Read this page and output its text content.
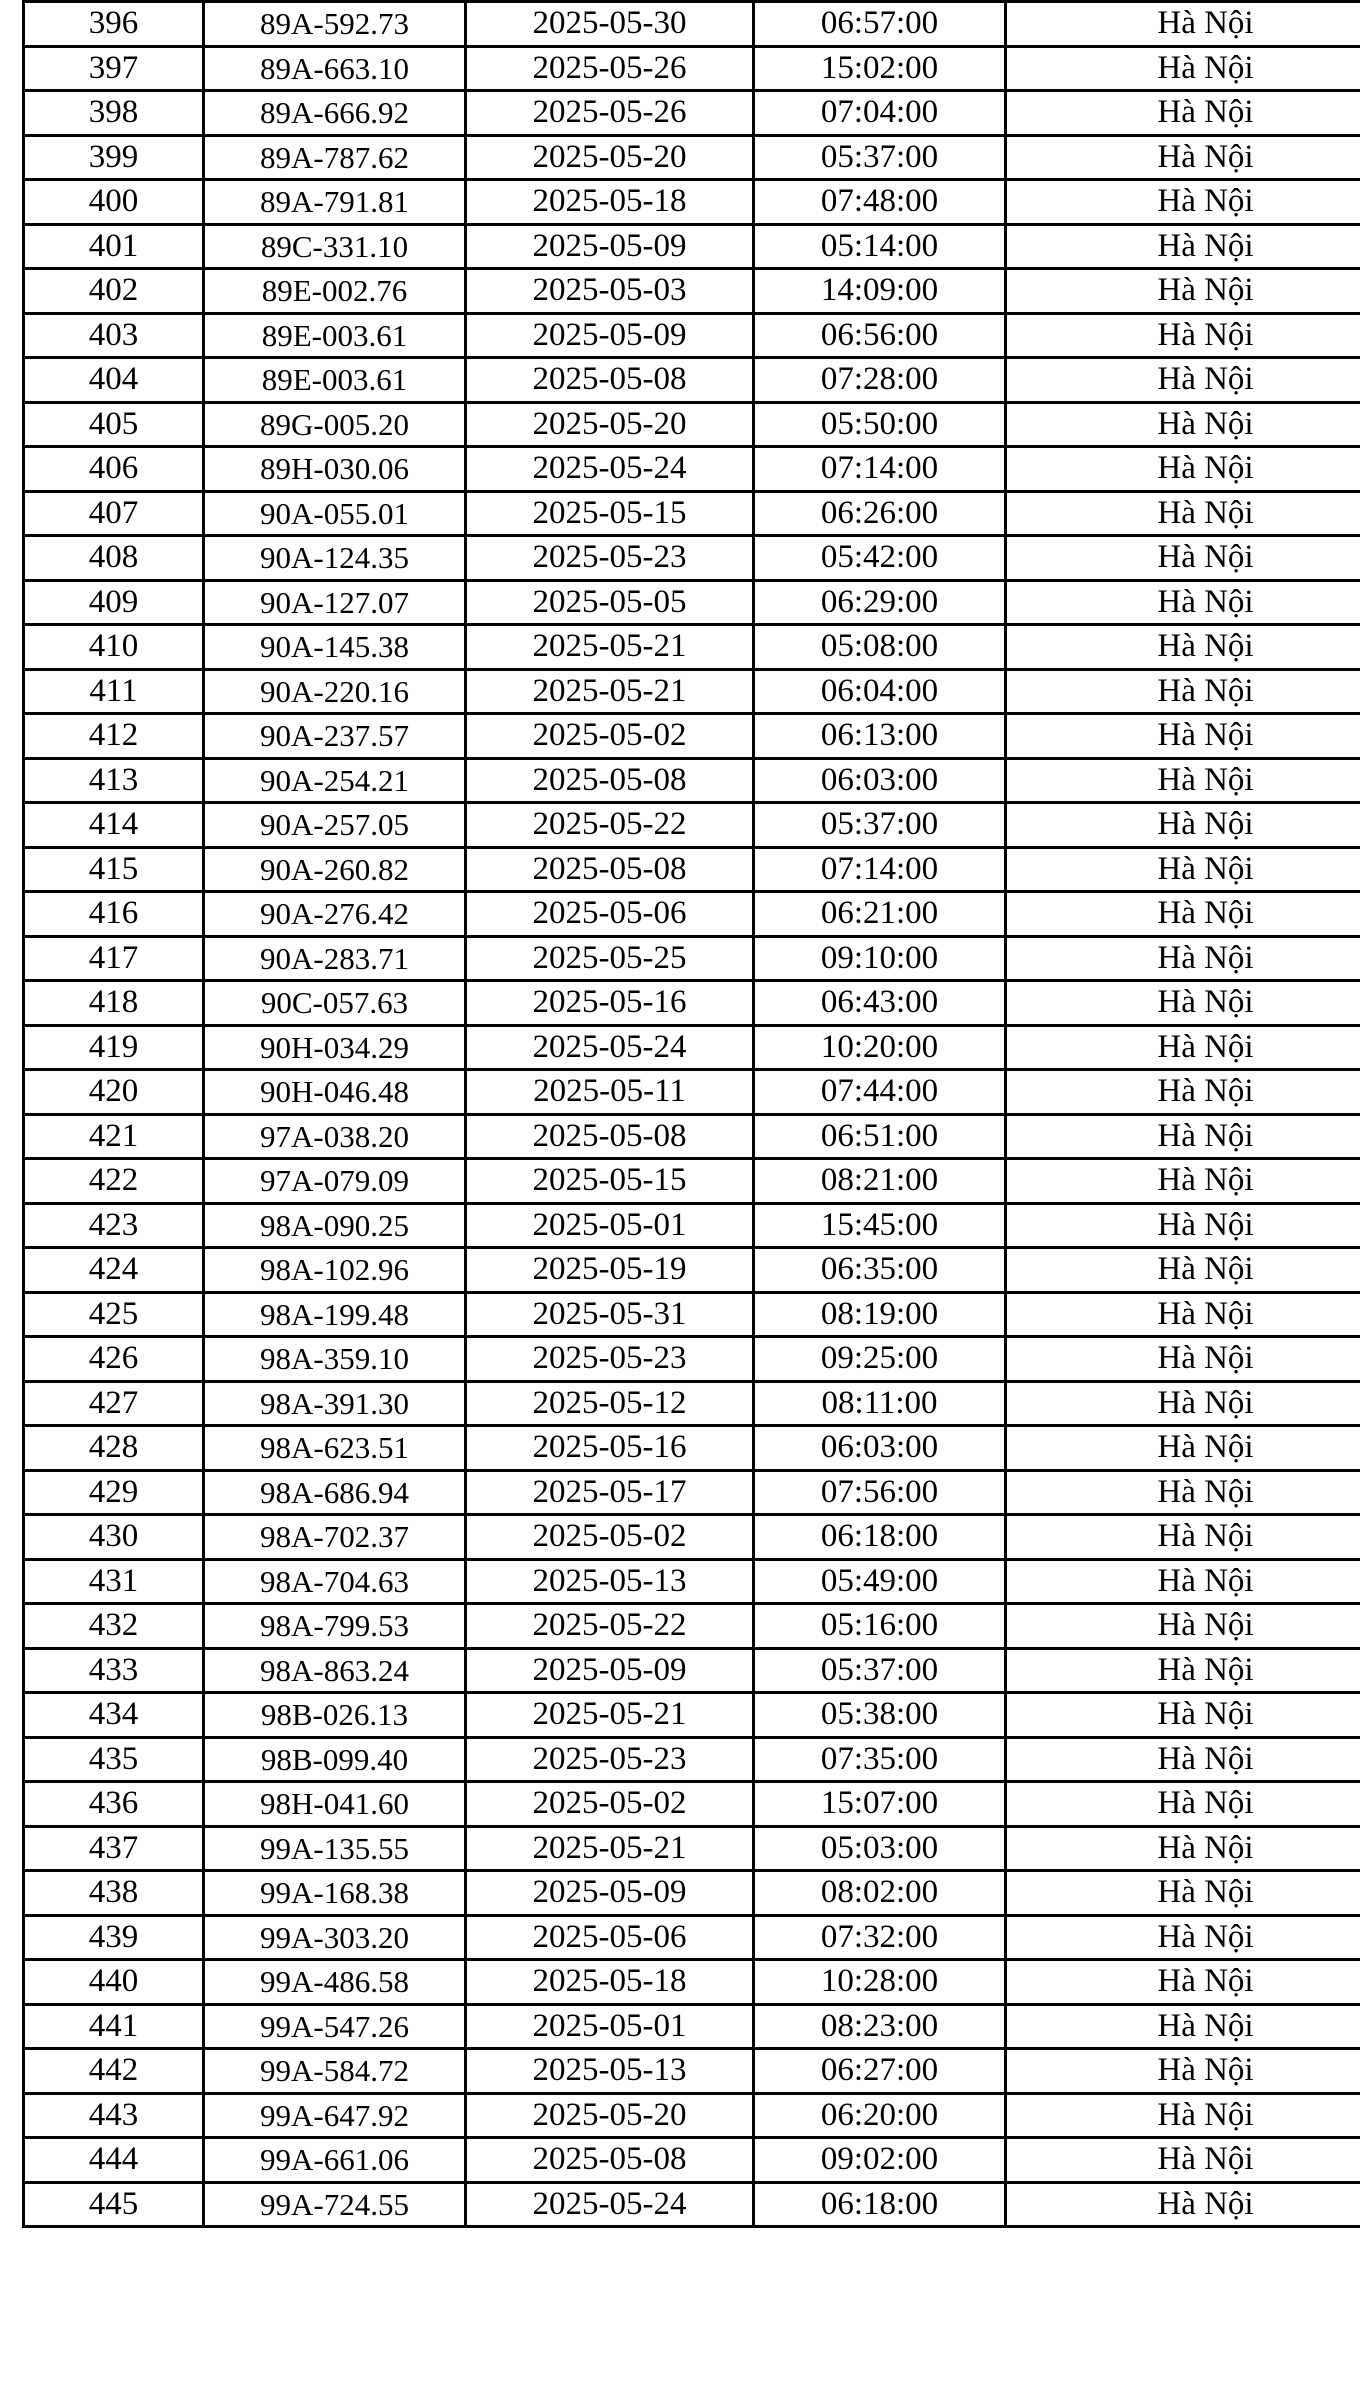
396	89A-592.73	2025-05-30	06:57:00	Hà Nội
397	89A-663.10	2025-05-26	15:02:00	Hà Nội
398	89A-666.92	2025-05-26	07:04:00	Hà Nội
399	89A-787.62	2025-05-20	05:37:00	Hà Nội
400	89A-791.81	2025-05-18	07:48:00	Hà Nội
401	89C-331.10	2025-05-09	05:14:00	Hà Nội
402	89E-002.76	2025-05-03	14:09:00	Hà Nội
403	89E-003.61	2025-05-09	06:56:00	Hà Nội
404	89E-003.61	2025-05-08	07:28:00	Hà Nội
405	89G-005.20	2025-05-20	05:50:00	Hà Nội
406	89H-030.06	2025-05-24	07:14:00	Hà Nội
407	90A-055.01	2025-05-15	06:26:00	Hà Nội
408	90A-124.35	2025-05-23	05:42:00	Hà Nội
409	90A-127.07	2025-05-05	06:29:00	Hà Nội
410	90A-145.38	2025-05-21	05:08:00	Hà Nội
411	90A-220.16	2025-05-21	06:04:00	Hà Nội
412	90A-237.57	2025-05-02	06:13:00	Hà Nội
413	90A-254.21	2025-05-08	06:03:00	Hà Nội
414	90A-257.05	2025-05-22	05:37:00	Hà Nội
415	90A-260.82	2025-05-08	07:14:00	Hà Nội
416	90A-276.42	2025-05-06	06:21:00	Hà Nội
417	90A-283.71	2025-05-25	09:10:00	Hà Nội
418	90C-057.63	2025-05-16	06:43:00	Hà Nội
419	90H-034.29	2025-05-24	10:20:00	Hà Nội
420	90H-046.48	2025-05-11	07:44:00	Hà Nội
421	97A-038.20	2025-05-08	06:51:00	Hà Nội
422	97A-079.09	2025-05-15	08:21:00	Hà Nội
423	98A-090.25	2025-05-01	15:45:00	Hà Nội
424	98A-102.96	2025-05-19	06:35:00	Hà Nội
425	98A-199.48	2025-05-31	08:19:00	Hà Nội
426	98A-359.10	2025-05-23	09:25:00	Hà Nội
427	98A-391.30	2025-05-12	08:11:00	Hà Nội
428	98A-623.51	2025-05-16	06:03:00	Hà Nội
429	98A-686.94	2025-05-17	07:56:00	Hà Nội
430	98A-702.37	2025-05-02	06:18:00	Hà Nội
431	98A-704.63	2025-05-13	05:49:00	Hà Nội
432	98A-799.53	2025-05-22	05:16:00	Hà Nội
433	98A-863.24	2025-05-09	05:37:00	Hà Nội
434	98B-026.13	2025-05-21	05:38:00	Hà Nội
435	98B-099.40	2025-05-23	07:35:00	Hà Nội
436	98H-041.60	2025-05-02	15:07:00	Hà Nội
437	99A-135.55	2025-05-21	05:03:00	Hà Nội
438	99A-168.38	2025-05-09	08:02:00	Hà Nội
439	99A-303.20	2025-05-06	07:32:00	Hà Nội
440	99A-486.58	2025-05-18	10:28:00	Hà Nội
441	99A-547.26	2025-05-01	08:23:00	Hà Nội
442	99A-584.72	2025-05-13	06:27:00	Hà Nội
443	99A-647.92	2025-05-20	06:20:00	Hà Nội
444	99A-661.06	2025-05-08	09:02:00	Hà Nội
445	99A-724.55	2025-05-24	06:18:00	Hà Nội
